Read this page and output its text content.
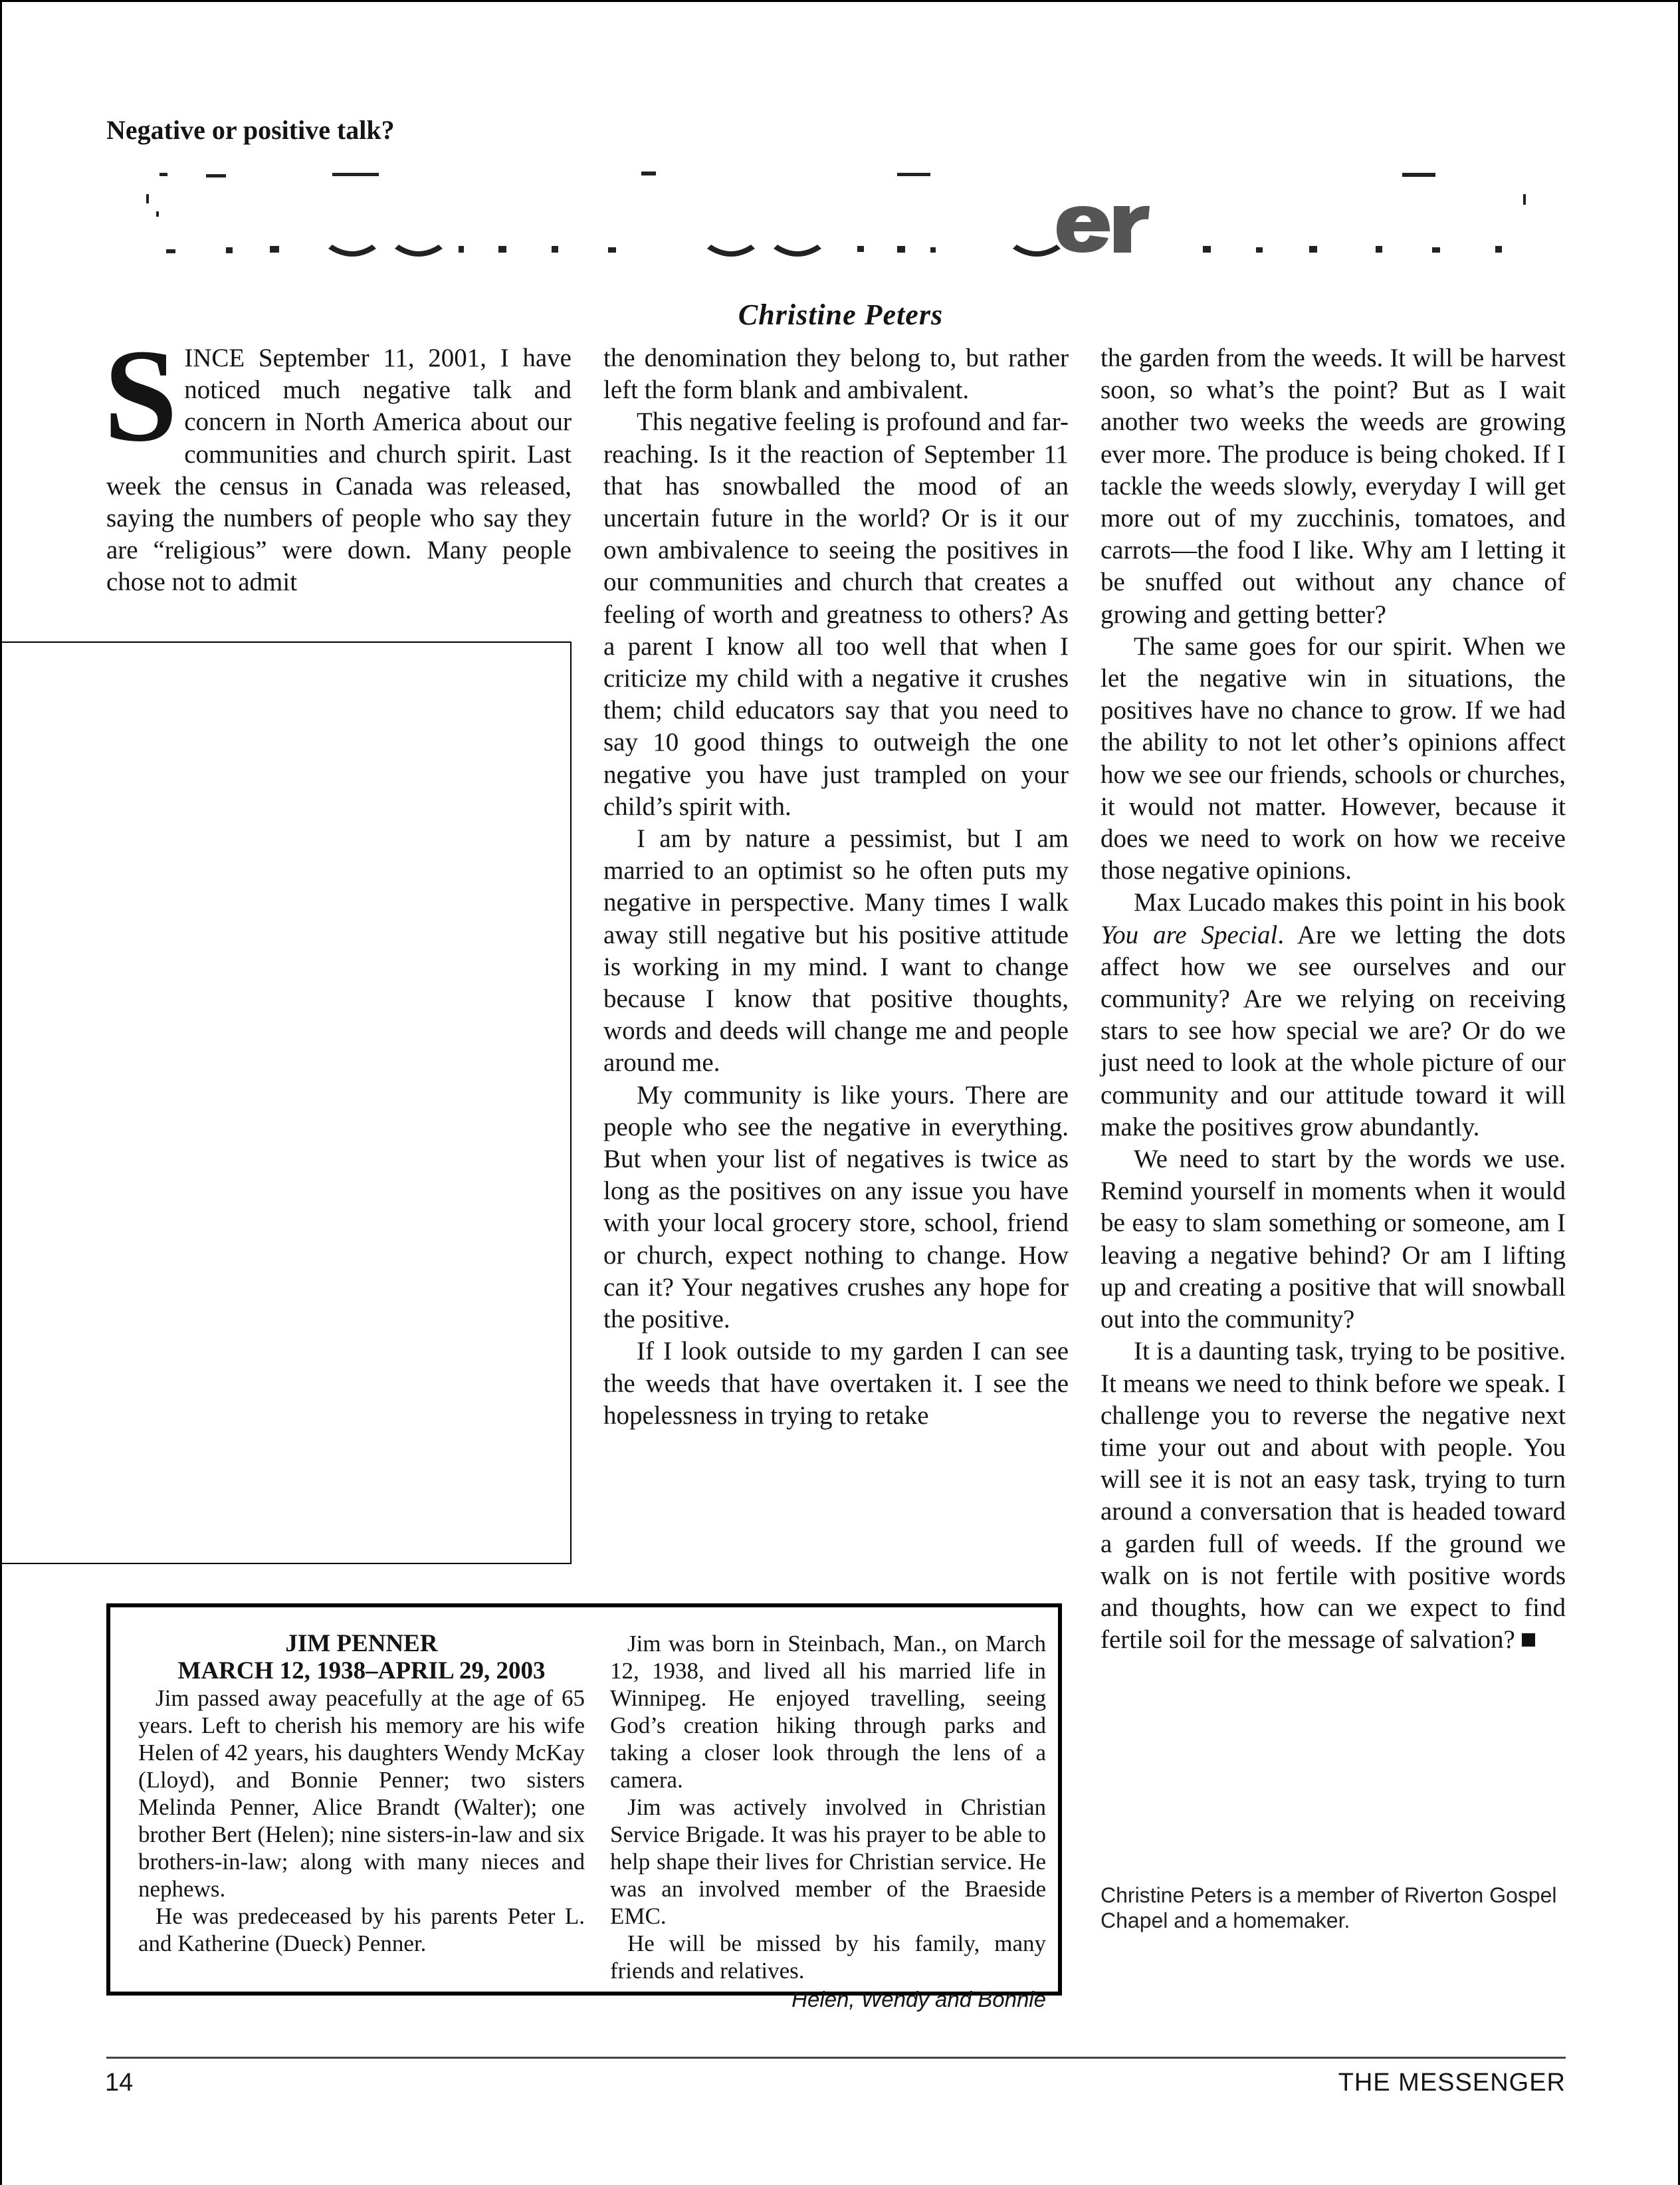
Negative or positive talk?
Christine Peters

S INCE September 11, 2001, I have noticed much negative talk and concern in North America about our communities and church spirit. Last week the census in Canada was released, saying the numbers of people who say they are “religious” were down. Many people chose not to admit

the denomination they belong to, but rather left the form blank and ambivalent.

This negative feeling is profound and far-reaching. Is it the reaction of September 11 that has snowballed the mood of an uncertain future in the world? Or is it our own ambivalence to seeing the positives in our communities and church that creates a feeling of worth and greatness to others? As a parent I know all too well that when I criticize my child with a negative it crushes them; child educators say that you need to say 10 good things to outweigh the one negative you have just trampled on your child’s spirit with.

I am by nature a pessimist, but I am married to an optimist so he often puts my negative in perspective. Many times I walk away still negative but his positive attitude is working in my mind. I want to change because I know that positive thoughts, words and deeds will change me and people around me.

My community is like yours. There are people who see the negative in everything. But when your list of negatives is twice as long as the positives on any issue you have with your local grocery store, school, friend or church, expect nothing to change. How can it? Your negatives crushes any hope for the positive.

If I look outside to my garden I can see the weeds that have overtaken it. I see the hopelessness in trying to retake

the garden from the weeds. It will be harvest soon, so what’s the point? But as I wait another two weeks the weeds are growing ever more. The produce is being choked. If I tackle the weeds slowly, everyday I will get more out of my zucchinis, tomatoes, and carrots—the food I like. Why am I letting it be snuffed out without any chance of growing and getting better?

The same goes for our spirit. When we let the negative win in situations, the positives have no chance to grow. If we had the ability to not let other’s opinions affect how we see our friends, schools or churches, it would not matter. However, because it does we need to work on how we receive those negative opinions.

Max Lucado makes this point in his book You are Special. Are we letting the dots affect how we see ourselves and our community? Are we relying on receiving stars to see how special we are? Or do we just need to look at the whole picture of our community and our attitude toward it will make the positives grow abundantly.

We need to start by the words we use. Remind yourself in moments when it would be easy to slam something or someone, am I leaving a negative behind? Or am I lifting up and creating a positive that will snowball out into the community?

It is a daunting task, trying to be positive. It means we need to think before we speak. I challenge you to reverse the negative next time your out and about with people. You will see it is not an easy task, trying to turn around a conversation that is headed toward a garden full of weeds. If the ground we walk on is not fertile with positive words and thoughts, how can we expect to find fertile soil for the message of salvation?

Christine Peters is a member of Riverton Gospel Chapel and a homemaker.
JIM PENNER
MARCH 12, 1938–APRIL 29, 2003

Jim passed away peacefully at the age of 65 years. Left to cherish his memory are his wife Helen of 42 years, his daughters Wendy McKay (Lloyd), and Bonnie Penner; two sisters Melinda Penner, Alice Brandt (Walter); one brother Bert (Helen); nine sisters-in-law and six brothers-in-law; along with many nieces and nephews.

He was predeceased by his parents Peter L. and Katherine (Dueck) Penner.

Jim was born in Steinbach, Man., on March 12, 1938, and lived all his married life in Winnipeg. He enjoyed travelling, seeing God’s creation hiking through parks and taking a closer look through the lens of a camera.

Jim was actively involved in Christian Service Brigade. It was his prayer to be able to help shape their lives for Christian service. He was an involved member of the Braeside EMC.

He will be missed by his family, many friends and relatives.

Helen, Wendy and Bonnie
14	THE MESSENGER
